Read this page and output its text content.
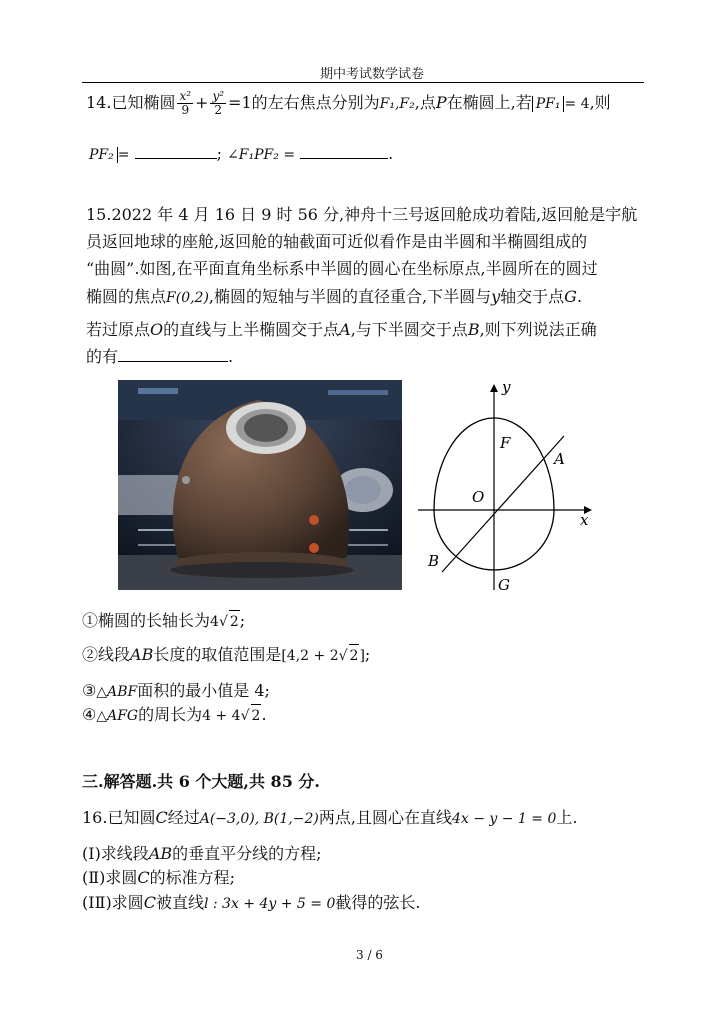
期中考试数学试卷
14.已知椭圆 $\frac{\text{x²}}{9} + \frac{\text{y²}}{2} =1$的左右焦点分别为F₁,F₂,点P在椭圆上,若 PF₁ = 4,则
PF₂ =	; ∠F₁PF₂ =	.
15.2022 年 4 月 16 日 9 时 56 分,神舟十三号返回舱成功着陆,返回舱是宇航
员返回地球的座舱,返回舱的轴截面可近似看作是由半圆和半椭圆组成的
“曲圆”.如图,在平面直角坐标系中半圆的圆心在坐标原点,半圆所在的圆过
椭圆的焦点F(0,2),椭圆的短轴与半圆的直径重合,下半圆与y轴交于点G.
若过原点O的直线与上半椭圆交于点A,与下半圆交于点B,则下列说法正确
的有	.
y
x
F
A
O
B
G
①椭圆的长轴长为4√ 2;
②线段AB长度的取值范围是[4,2 + 2√ 2];
③△ABF面积的最小值是 4;
④△AFG的周长为4 + 4√ 2.
三.解答题.共 6 个大题,共 85 分.
16.已知圆C经过A(−3,0), B(1,−2)两点,且圆心在直线4x − y − 1 = 0上.
(Ⅰ)求线段AB的垂直平分线的方程;
(Ⅱ)求圆C的标准方程;
(IⅡ)求圆C被直线l : 3x + 4y + 5 = 0截得的弦长.
3 / 6
